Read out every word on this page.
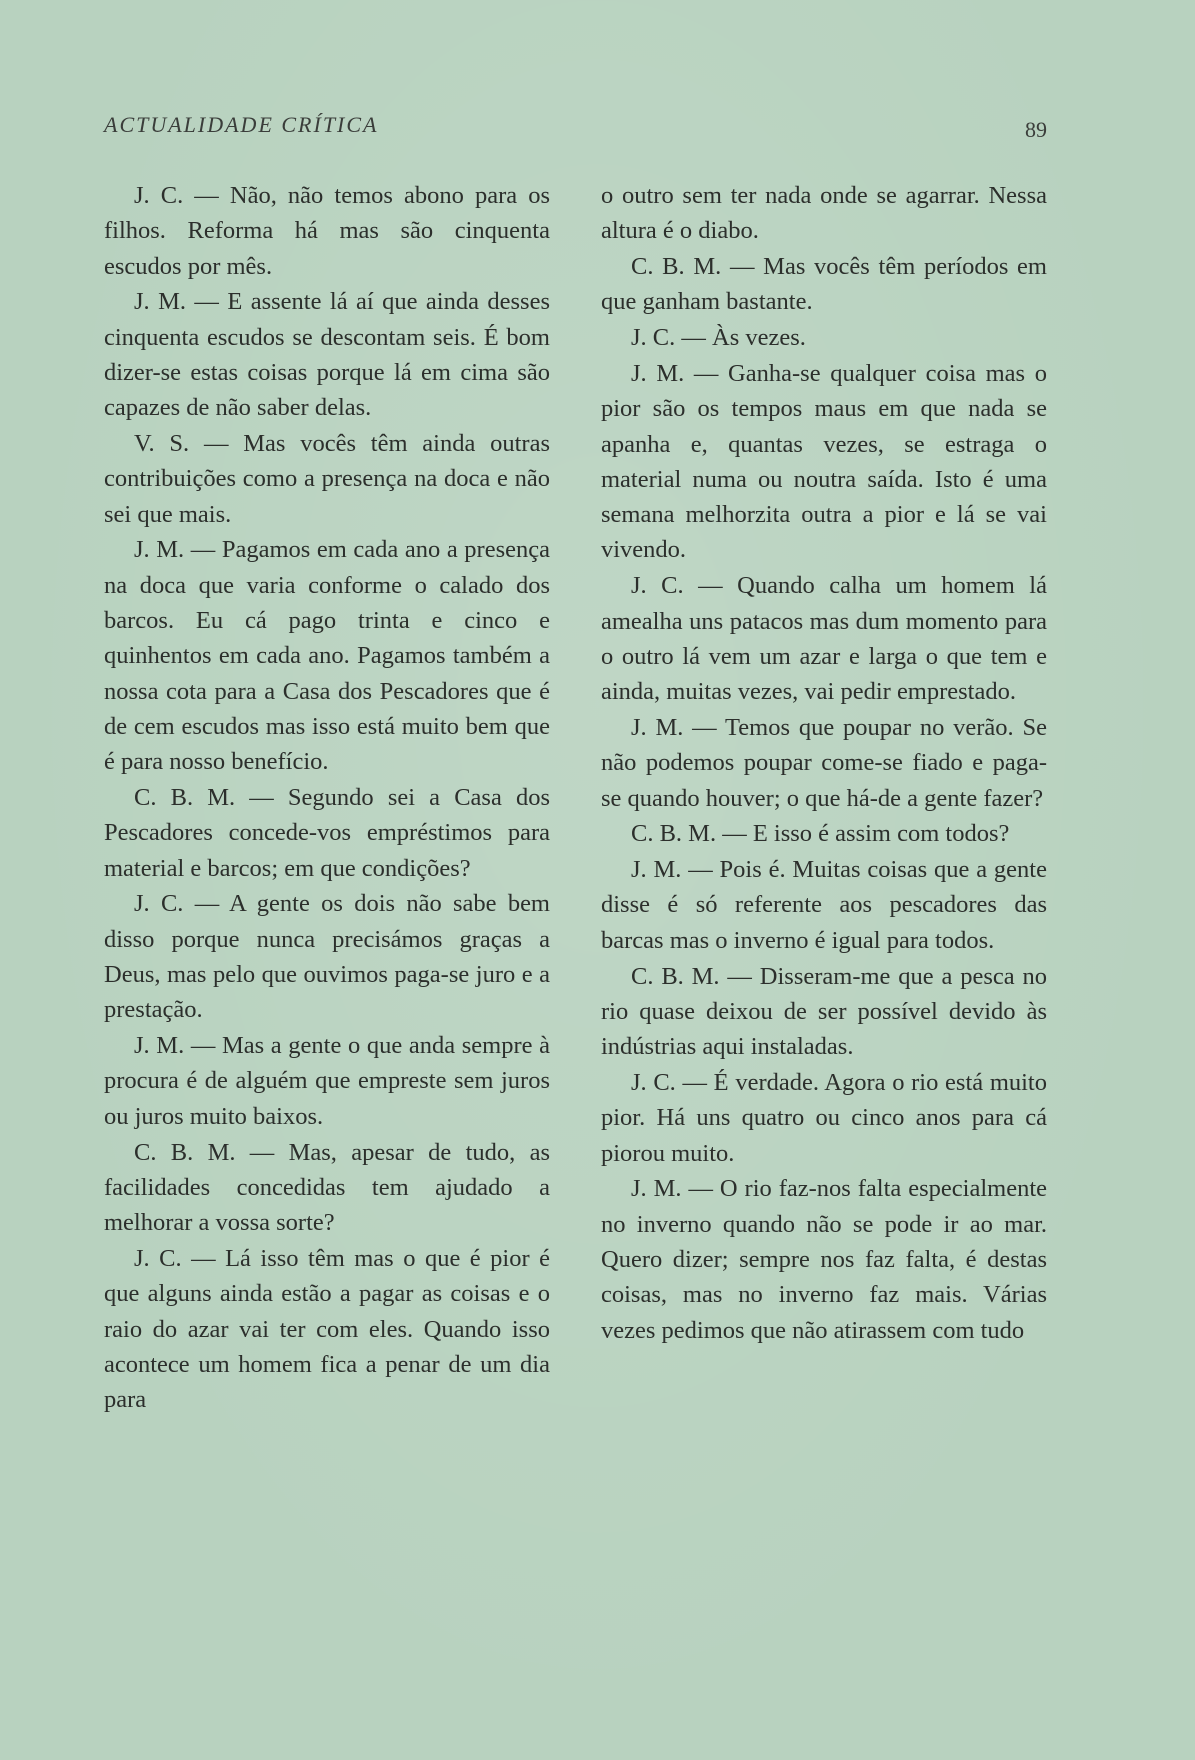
ACTUALIDADE CRÍTICA	89

J. C. — Não, não temos abono para os filhos. Reforma há mas são cinquenta escudos por mês.

J. M. — E assente lá aí que ainda desses cinquenta escudos se descontam seis. É bom dizer-se estas coisas porque lá em cima são capazes de não saber delas.

V. S. — Mas vocês têm ainda outras contribuições como a presença na doca e não sei que mais.

J. M. — Pagamos em cada ano a presença na doca que varia conforme o calado dos barcos. Eu cá pago trinta e cinco e quinhentos em cada ano. Pagamos também a nossa cota para a Casa dos Pescadores que é de cem escudos mas isso está muito bem que é para nosso benefício.

C. B. M. — Segundo sei a Casa dos Pescadores concede-vos empréstimos para material e barcos; em que condições?

J. C. — A gente os dois não sabe bem disso porque nunca precisámos graças a Deus, mas pelo que ouvimos paga-se juro e a prestação.

J. M. — Mas a gente o que anda sempre à procura é de alguém que empreste sem juros ou juros muito baixos.

C. B. M. — Mas, apesar de tudo, as facilidades concedidas tem ajudado a melhorar a vossa sorte?

J. C. — Lá isso têm mas o que é pior é que alguns ainda estão a pagar as coisas e o raio do azar vai ter com eles. Quando isso acontece um homem fica a penar de um dia para

o outro sem ter nada onde se agarrar. Nessa altura é o diabo.

C. B. M. — Mas vocês têm períodos em que ganham bastante.

J. C. — Às vezes.

J. M. — Ganha-se qualquer coisa mas o pior são os tempos maus em que nada se apanha e, quantas vezes, se estraga o material numa ou noutra saída. Isto é uma semana melhorzita outra a pior e lá se vai vivendo.

J. C. — Quando calha um homem lá amealha uns patacos mas dum momento para o outro lá vem um azar e larga o que tem e ainda, muitas vezes, vai pedir emprestado.

J. M. — Temos que poupar no verão. Se não podemos poupar come-se fiado e paga-se quando houver; o que há-de a gente fazer?

C. B. M. — E isso é assim com todos?

J. M. — Pois é. Muitas coisas que a gente disse é só referente aos pescadores das barcas mas o inverno é igual para todos.

C. B. M. — Disseram-me que a pesca no rio quase deixou de ser possível devido às indústrias aqui instaladas.

J. C. — É verdade. Agora o rio está muito pior. Há uns quatro ou cinco anos para cá piorou muito.

J. M. — O rio faz-nos falta especialmente no inverno quando não se pode ir ao mar. Quero dizer; sempre nos faz falta, é destas coisas, mas no inverno faz mais. Várias vezes pedimos que não atirassem com tudo
